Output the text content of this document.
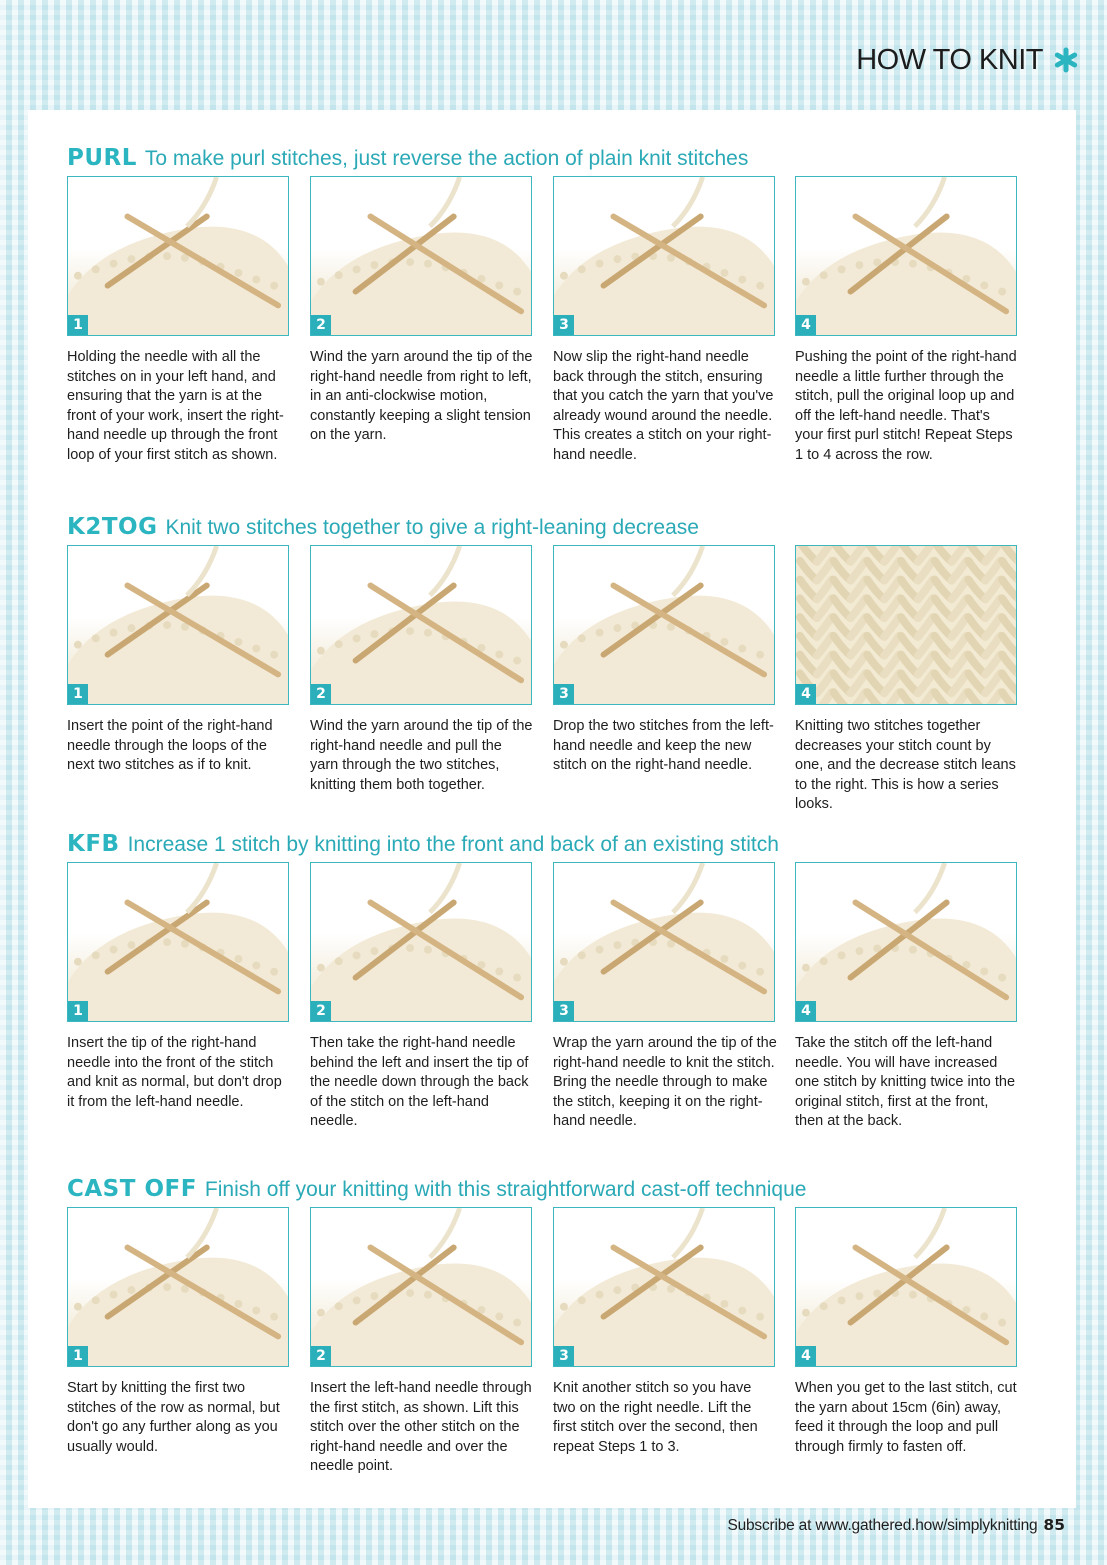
HOW TO KNIT
PURL To make purl stitches, just reverse the action of plain knit stitches
1
Holding the needle with all the stitches on in your left hand, and ensuring that the yarn is at the front of your work, insert the right-hand needle up through the front loop of your first stitch as shown.
2
Wind the yarn around the tip of the right-hand needle from right to left, in an anti-clockwise motion, constantly keeping a slight tension on the yarn.
3
Now slip the right-hand needle back through the stitch, ensuring that you catch the yarn that you've already wound around the needle. This creates a stitch on your right-hand needle.
4
Pushing the point of the right-hand needle a little further through the stitch, pull the original loop up and off the left-hand needle. That's your first purl stitch! Repeat Steps 1 to 4 across the row.
K2TOG Knit two stitches together to give a right-leaning decrease
1
Insert the point of the right-hand needle through the loops of the next two stitches as if to knit.
2
Wind the yarn around the tip of the right-hand needle and pull the yarn through the two stitches, knitting them both together.
3
Drop the two stitches from the left-hand needle and keep the new stitch on the right-hand needle.
4
Knitting two stitches together decreases your stitch count by one, and the decrease stitch leans to the right. This is how a series looks.
KFB Increase 1 stitch by knitting into the front and back of an existing stitch
1
Insert the tip of the right-hand needle into the front of the stitch and knit as normal, but don't drop it from the left-hand needle.
2
Then take the right-hand needle behind the left and insert the tip of the needle down through the back of the stitch on the left-hand needle.
3
Wrap the yarn around the tip of the right-hand needle to knit the stitch. Bring the needle through to make the stitch, keeping it on the right-hand needle.
4
Take the stitch off the left-hand needle. You will have increased one stitch by knitting twice into the original stitch, first at the front, then at the back.
CAST OFF Finish off your knitting with this straightforward cast-off technique
1
Start by knitting the first two stitches of the row as normal, but don't go any further along as you usually would.
2
Insert the left-hand needle through the first stitch, as shown. Lift this stitch over the other stitch on the right-hand needle and over the needle point.
3
Knit another stitch so you have two on the right needle. Lift the first stitch over the second, then repeat Steps 1 to 3.
4
When you get to the last stitch, cut the yarn about 15cm (6in) away, feed it through the loop and pull through firmly to fasten off.
Subscribe at www.gathered.how/simplyknitting 85
